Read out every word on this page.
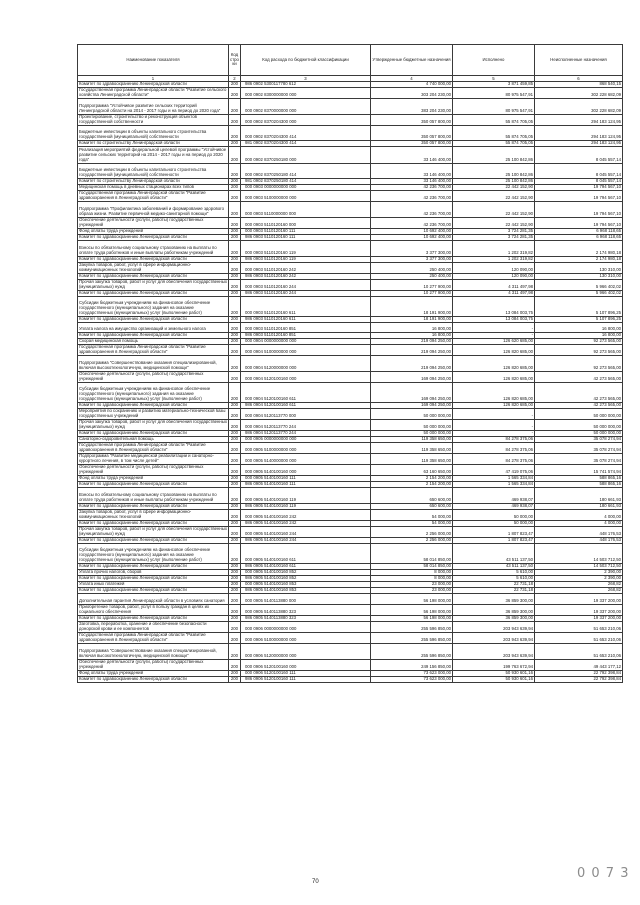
Наименование показателя	Код стро ки	Код расхода по бюджетной классификации	Утвержденные бюджетные назначения	Исполнено	Неисполненные назначения
1	2	3	4	5	6
Комитет по здравоохранению Ленинградской области	200	986 0902 5300117780 612	4 740 000,00	3 871 459,85	868 540,15
Государственная программа Ленинградской области "Развитие сельского хозяйства Ленинградской области"	200	000 0902 8300000000 000	303 204 230,00	80 975 547,91	302 228 682,09
Подпрограмма "Устойчивое развитие сельских территорий Ленинградской области на 2014 - 2017 годы и на период до 2020 года"	200	000 0902 8370000000 000	383 204 230,00	80 975 547,91	302 228 682,09
Проектирование, строительство и реконструкция объектов государственной собственности	200	000 0902 8370204300 000	350 057 800,00	55 874 705,05	294 183 124,95
Бюджетные инвестиции в объекты капитального строительства государственной (муниципальной) собственности	200	000 0902 8370204300 414	350 057 800,00	55 874 705,05	294 183 124,95
Комитет по строительству Ленинградской области	200	981 0902 8370204300 414	350 057 800,00	55 874 705,05	294 183 124,95
Реализация мероприятий федеральной целевой программы "Устойчивое развитие сельских территорий на 2014 - 2017 годы и на период до 2020 года"	200	000 0902 8370250180 000	33 146 400,00	25 100 842,86	8 045 557,14
Бюджетные инвестиции в объекты капитального строительства государственной (муниципальной) собственности	200	000 0902 8370250180 414	33 146 400,00	25 100 842,86	8 045 557,14
Комитет по строительству Ленинградской области	200	981 0902 8370250180 414	33 146 400,00	25 100 842,86	8 045 557,14
Медицинская помощь в дневных стационарах всех типов	200	000 0903 0000000000 000	42 236 700,00	22 442 152,90	19 794 567,10
Государственная программа Ленинградской области "Развитие здравоохранения в Ленинградской области"	200	000 0903 5100000000 000	42 236 700,00	22 442 152,90	19 794 567,10
Подпрограмма "Профилактика заболеваний и формирование здорового образа жизни. Развитие первичной медико-санитарной помощи"	200	000 0903 5110000000 000	42 236 700,00	22 442 152,90	19 794 567,10
Обеспечение деятельности (услуги, работы) государственных учреждений	200	000 0903 5110120160 000	42 236 700,00	22 442 152,90	19 794 567,10
Фонд оплаты труда учреждений	200	000 0903 5110120160 111	10 692 400,00	3 724 281,35	6 968 118,65
Комитет по здравоохранению Ленинградской области	200	986 0903 5110120160 111	10 692 400,00	3 724 281,35	6 968 118,65
Взносы по обязательному социальному страхованию на выплаты по оплате труда работников и иные выплаты работникам учреждений	200	000 0903 5110120160 119	3 377 300,00	1 202 319,82	2 174 980,18
Комитет по здравоохранению Ленинградской области	200	986 0903 5110120160 119	3 377 300,00	1 202 319,82	2 174 980,18
Закупка товаров, работ, услуг в сфере информационно-коммуникационных технологий	200	000 0903 5110120160 242	250 400,00	120 090,00	130 310,00
Комитет по здравоохранению Ленинградской области	200	986 0903 5110120160 242	250 400,00	120 090,00	130 310,00
Прочая закупка товаров, работ и услуг для обеспечения государственных (муниципальных) нужд	200	000 0903 5110120160 244	10 277 900,00	4 311 497,98	5 966 402,02
Комитет по здравоохранению Ленинградской области	200	986 0903 5110120160 244	10 277 900,00	4 311 497,98	5 966 402,02
Субсидии бюджетным учреждениям на финансовое обеспечение государственного (муниципального) задания на оказание государственных (муниципальных) услуг (выполнение работ)	200	000 0903 5110120160 611	18 191 900,00	13 084 003,75	5 107 896,25
Комитет по здравоохранению Ленинградской области	200	986 0903 5110120160 611	18 191 900,00	13 084 003,75	5 107 896,25
Уплата налога на имущество организаций и земельного налога	200	000 0903 5110120160 851	16 800,00	-	16 800,00
Комитет по здравоохранению Ленинградской области	200	986 0903 5110120160 851	16 800,00	-	16 800,00
Скорая медицинская помощь	200	000 0904 0000000000 000	219 094 250,00	126 620 685,00	92 273 565,00
Государственная программа Ленинградской области "Развитие здравоохранения в Ленинградской области"	200	000 0904 5100000000 000	219 094 250,00	126 820 685,00	92 273 565,00
Подпрограмма "Совершенствование оказания специализированной, включая высокотехнологичную, медицинской помощи"	200	000 0904 5120000000 000	219 094 250,00	126 820 685,00	92 273 565,00
Обеспечение деятельности (услуги, работы) государственных учреждений	200	000 0904 5120100160 000	169 094 250,00	126 820 685,00	42 273 565,00
Субсидии бюджетным учреждениям на финансовое обеспечение государственного (муниципального) задания на оказание государственных (муниципальных) услуг (выполнение работ)	200	000 0904 5120100160 611	169 094 250,00	126 820 685,00	42 273 565,00
Комитет по здравоохранению Ленинградской области	200	986 0904 5120100160 611	169 094 250,00	126 820 685,00	42 273 565,00
Мероприятия по сохранению и развитию материально-технической базы государственных учреждений	200	000 0904 5120113770 000	50 000 000,00	-	50 000 000,00
Прочая закупка товаров, работ и услуг для обеспечения государственных (муниципальных) нужд	200	000 0904 5120113770 244	50 000 000,00	-	50 000 000,00
Комитет по здравоохранению Ленинградской области	200	986 0904 5120113770 244	50 000 000,00	-	50 000 000,00
Санаторно-оздоровительная помощь	200	000 0905 0000000000 000	119 358 650,00	84 278 375,06	35 078 274,94
Государственная программа Ленинградской области "Развитие здравоохранения в Ленинградской области"	200	000 0905 5100000000 000	119 358 650,00	84 278 375,06	35 078 274,94
Подпрограмма "Развитие медицинской реабилитации и санаторно-курортного лечения, в том числе детей"	200	000 0905 5140000000 000	119 358 650,00	84 278 375,06	35 078 274,94
Обеспечение деятельности (услуги, работы) государственных учреждений	200	000 0905 5140100160 000	63 160 650,00	47 419 075,06	15 741 574,94
Фонд оплаты труда учреждений	200	000 0905 5140100160 111	2 154 200,00	1 565 334,84	588 865,16
Комитет по здравоохранению Ленинградской области	200	986 0905 5140100160 111	2 154 200,00	1 565 334,84	588 865,16
Взносы по обязательному социальному страхованию на выплаты по оплате труда работников и иные выплаты работникам учреждений	200	000 0905 5140100160 119	650 600,00	469 938,07	180 661,93
Комитет по здравоохранению Ленинградской области	200	986 0905 5140100160 119	650 600,00	469 938,07	180 661,93
Закупка товаров, работ, услуг в сфере информационно-коммуникационных технологий	200	000 0905 5140100160 242	54 000,00	50 000,00	4 000,00
Комитет по здравоохранению Ленинградской области	200	986 0905 5140100160 242	54 000,00	50 000,00	4 000,00
Прочая закупка товаров, работ и услуг для обеспечения государственных (муниципальных) нужд	200	000 0905 5140100160 244	2 256 000,00	1 807 823,47	448 176,53
Комитет по здравоохранению Ленинградской области	200	986 0905 5140100160 244	2 256 000,00	1 807 823,47	448 176,53
Субсидии бюджетным учреждениям на финансовое обеспечение государственного (муниципального) задания на оказание государственных (муниципальных) услуг (выполнение работ)	200	000 0905 5140100160 611	58 014 850,00	43 511 137,50	14 503 712,50
Комитет по здравоохранению Ленинградской области	200	986 0905 5140100160 611	58 014 850,00	43 511 137,50	14 503 712,50
Уплата прочих налогов, сборов	200	000 0905 5140100160 852	8 000,00	5 610,00	2 390,00
Комитет по здравоохранению Ленинградской области	200	986 0905 5140100160 852	8 000,00	5 610,00	2 390,00
Уплата иных платежей	200	000 0905 5140100160 853	23 000,00	22 731,18	268,82
Комитет по здравоохранению Ленинградской области	200	986 0905 5140100160 853	23 000,00	22 731,18	268,82
Дополнительная гарантия Ленинградской области в условиях санатория	200	000 0905 5140113880 000	56 198 000,00	36 859 300,00	19 337 200,00
Приобретение товаров, работ, услуг в пользу граждан в целях их социального обеспечения	200	000 0905 5140113880 323	56 198 000,00	36 859 300,00	19 337 200,00
Комитет по здравоохранению Ленинградской области	200	986 0905 5140113880 323	56 198 000,00	36 859 300,00	19 337 200,00
Заготовка, переработка, хранение и обеспечение безопасности донорской крови и ее компонентов	200	000 0906 0000000000 000	255 596 850,00	203 943 639,94	51 653 210,06
Государственная программа Ленинградской области "Развитие здравоохранения в Ленинградской области"	200	000 0906 5100000000 000	255 596 850,00	203 943 639,94	51 653 210,06
Подпрограмма "Совершенствование оказания специализированной, включая высокотехнологичную, медицинской помощи"	200	000 0906 5120000000 000	255 596 850,00	203 943 639,94	51 653 210,06
Обеспечение деятельности (услуги, работы) государственных учреждений	200	000 0906 5120100160 000	249 156 850,00	199 763 672,94	49 443 177,12
Фонд оплаты труда учреждений	200	000 0906 5120100160 111	73 623 000,00	50 930 601,16	22 792 398,84
Комитет по здравоохранению Ленинградской области	200	986 0906 5120100160 111	73 623 000,00	50 930 601,16	22 792 398,84
70
0 0 7 3
